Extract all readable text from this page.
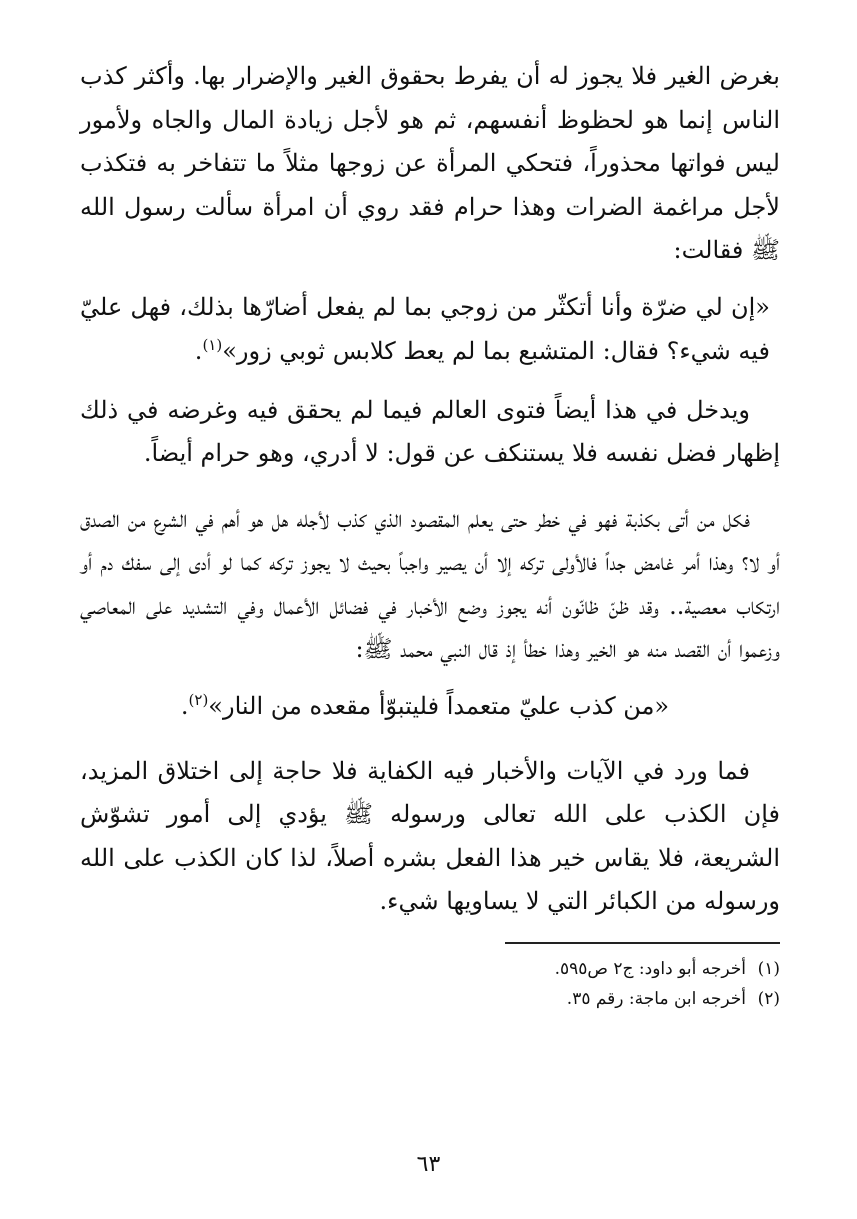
بغرض الغير فلا يجوز له أن يفرط بحقوق الغير والإضرار بها. وأكثر كذب الناس إنما هو لحظوظ أنفسهم، ثم هو لأجل زيادة المال والجاه ولأمور ليس فواتها محذوراً، فتحكي المرأة عن زوجها مثلاً ما تتفاخر به فتكذب لأجل مراغمة الضرات وهذا حرام فقد روي أن امرأة سألت رسول الله ﷺ فقالت:

«إن لي ضرّة وأنا أتكثّر من زوجي بما لم يفعل أضارّها بذلك، فهل عليّ فيه شيء؟ فقال: المتشبع بما لم يعط كلابس ثوبي زور»$^{(١)}$.

ويدخل في هذا أيضاً فتوى العالم فيما لم يحقق فيه وغرضه في ذلك إظهار فضل نفسه فلا يستنكف عن قول: لا أدري، وهو حرام أيضاً.

فكل من أتى بكذبة فهو في خطر حتى يعلم المقصود الذي كذب لأجله هل هو أهم في الشرع من الصدق أو لا؟ وهذا أمر غامض جداً فالأولى تركه إلا أن يصير واجباً بحيث لا يجوز تركه كما لو أدى إلى سفك دم أو ارتكاب معصية.. وقد ظنّ ظانّون أنه يجوز وضع الأخبار في فضائل الأعمال وفي التشديد على المعاصي وزعموا أن القصد منه هو الخير وهذا خطأ إذ قال النبي محمد ﷺ:

«من كذب عليّ متعمداً فليتبوّأ مقعده من النار»$^{(٢)}$.

فما ورد في الآيات والأخبار فيه الكفاية فلا حاجة إلى اختلاق المزيد، فإن الكذب على الله تعالى ورسوله ﷺ يؤدي إلى أمور تشوّش الشريعة، فلا يقاس خير هذا الفعل بشره أصلاً، لذا كان الكذب على الله ورسوله من الكبائر التي لا يساويها شيء.

(١)أخرجه أبو داود: ج٢ ص٥٩٥.

(٢)أخرجه ابن ماجة: رقم ٣٥.

٦٣
